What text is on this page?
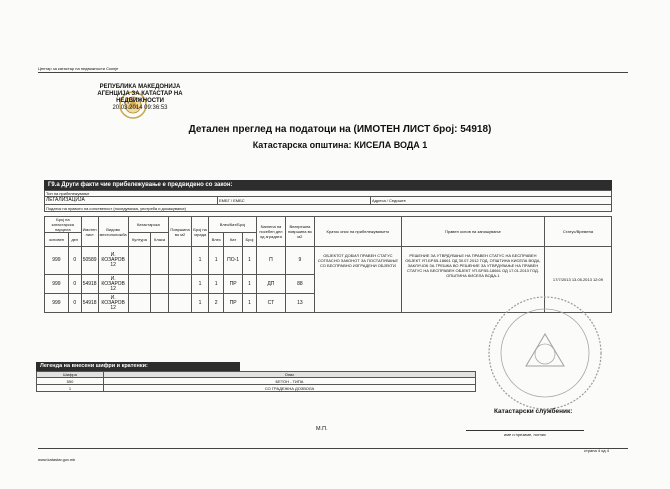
Центар за катастар на недвижности Скопје
РЕПУБЛИКА МАКЕДОНИЈА
АГЕНЦИЈА ЗА КАТАСТАР НА НЕДВИЖНОСТИ
20.03.2014 09:36:53
Детален преглед на податоци на (ИМОТЕН ЛИСТ број: 54918)
Катастарска општина: КИСЕЛА ВОДА 1
Г9.а Други факти чие прибележување е предвидено со закон:
Тип на прибележување
ЛЕГАЛИЗАЦИЈА	ЕМБГ / ЕМБС	Адреса / Седиште
Податок на правото на сопственост (поседувачка, употреба и докажување)
Број на катастарска парцела		Имотен лист	Видово местоположба	Катастарска		Површина во м2	Број на зграда	Влез/Кат/Број			Namena на посебен дел од зградата	Внатрешна површина во м2	Краток опис на прибележувањето	Правен основ на запишување	Статус/Времена
основен	дел			Култура	Класа			Влез	Кат	Број					
999	0	50589	И. КОЗАРОВ 12				1	1	ПО-1	1	П	9	ОБЈЕКТОТ ДОБИЛ ПРАВЕН СТАТУС СОГЛАСНО ЗАКОНОТ ЗА ПОСТАПУВАЊЕ СО БЕСПРАВНО ИЗГРАДЕНИ ОБЈЕКТИ	РЕШЕНИЕ ЗА УТВРДУВАЊЕ НА ПРАВЕН СТАТУС НА БЕСПРАВЕН ОБЈЕКТ УП.БР.55-18661 ОД 30.07.2012 ГОД. ОПШТИНА КИСЕЛА ВОДА, ЗАКЛУЧОК ЗА ГРЕШКА ВО РЕШЕНИЕ ЗА УТВРДУВАЊЕ НА ПРАВЕН СТАТУС НА БЕСПРАВЕН ОБЈЕКТ УП.БР.55-18661 ОД 17.01.2013 ГОД. ОПШТИНА КИСЕЛА ВОДА-1	17/7/2013 13.05.2013 12:09
999	0	54918	И. КОЗАРОВ 12				1	1	ПР	1	ДП	88			
999	0	54918	И. КОЗАРОВ 12				1	2	ПР	1	СТ	13			
Легенда на внесени шифри и кратенки:
Шифра	Опис
550	БЕТОН - ТИПА
1	СО ГРАДЕЖНА ДОЗВОЛА
М.П.
Катастарски службеник:
име и презиме, потпис
www.katastar.gov.mk
страна 4 од 4
